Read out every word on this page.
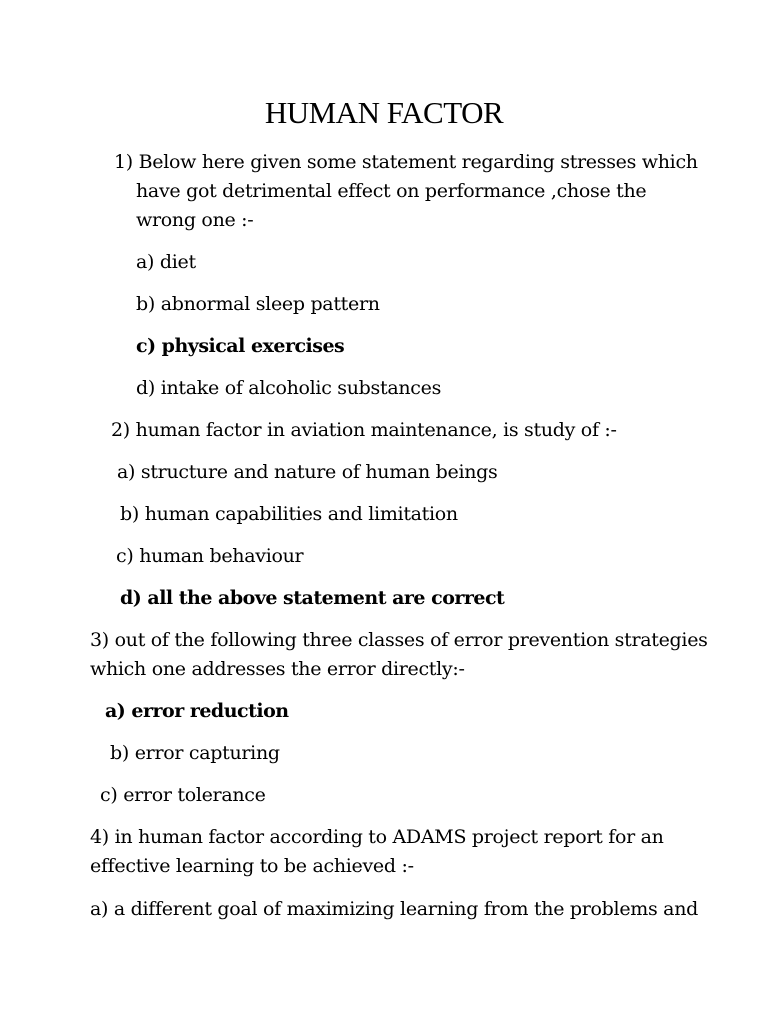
HUMAN FACTOR
1) Below here given some statement regarding stresses which
have got detrimental effect on performance ,chose the
wrong one :-
a) diet
b) abnormal sleep pattern
c) physical exercises
d) intake of alcoholic substances
2) human factor in aviation maintenance, is study of :-
a) structure and nature of human beings
b) human capabilities and limitation
c) human behaviour
d) all the above statement are correct
3) out of the following three classes of error prevention strategies
which one addresses the error directly:-
a) error reduction
b) error capturing
c) error tolerance
4) in human factor according to ADAMS project report for an
effective learning to be achieved :-
a) a different goal of maximizing learning from the problems and
